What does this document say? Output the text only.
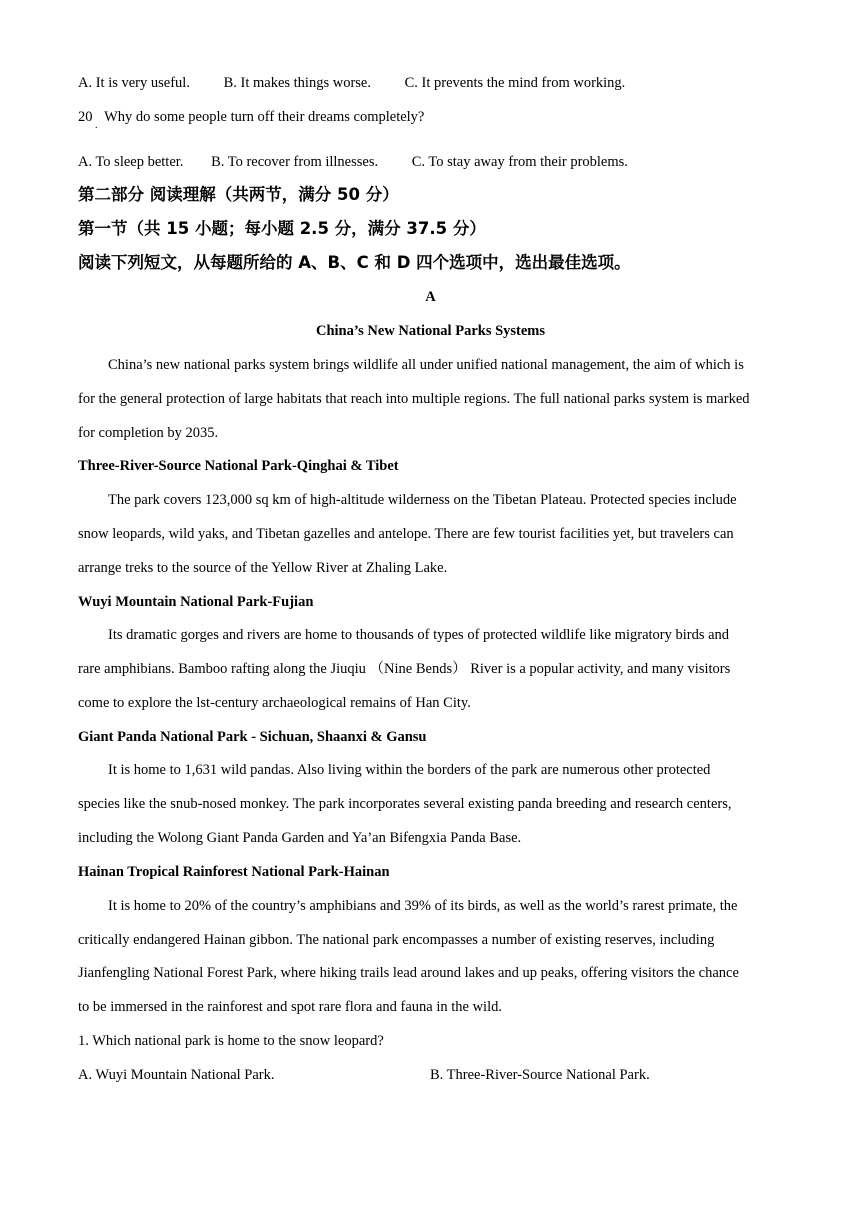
A. It is very useful. B. It makes things worse. C. It prevents the mind from working.
20
.
Why do some people turn off their dreams completely?
A. To sleep better. B. To recover from illnesses. C. To stay away from their problems.
第二部分 阅读理解（共两节，满分 50 分）
第一节（共 15 小题；每小题 2.5 分，满分 37.5 分）
阅读下列短文，从每题所给的 A、B、C 和 D 四个选项中，选出最佳选项。
A
China’s New National Parks Systems
China’s new national parks system brings wildlife all under unified national management, the aim of which is
for the general protection of large habitats that reach into multiple regions. The full national parks system is marked
for completion by 2035.
Three-River-Source National Park-Qinghai & Tibet
The park covers 123,000 sq km of high-altitude wilderness on the Tibetan Plateau. Protected species include
snow leopards, wild yaks, and Tibetan gazelles and antelope. There are few tourist facilities yet, but travelers can
arrange treks to the source of the Yellow River at Zhaling Lake.
Wuyi Mountain National Park-Fujian
Its dramatic gorges and rivers are home to thousands of types of protected wildlife like migratory birds and
rare amphibians. Bamboo rafting along the Jiuqiu （Nine Bends） River is a popular activity, and many visitors
come to explore the lst-century archaeological remains of Han City.
Giant Panda National Park - Sichuan, Shaanxi & Gansu
It is home to 1,631 wild pandas. Also living within the borders of the park are numerous other protected
species like the snub-nosed monkey. The park incorporates several existing panda breeding and research centers,
including the Wolong Giant Panda Garden and Ya’an Bifengxia Panda Base.
Hainan Tropical Rainforest National Park-Hainan
It is home to 20% of the country’s amphibians and 39% of its birds, as well as the world’s rarest primate, the
critically endangered Hainan gibbon. The national park encompasses a number of existing reserves, including
Jianfengling National Forest Park, where hiking trails lead around lakes and up peaks, offering visitors the chance
to be immersed in the rainforest and spot rare flora and fauna in the wild.
1. Which national park is home to the snow leopard?
A. Wuyi Mountain National Park.	B. Three-River-Source National Park.
